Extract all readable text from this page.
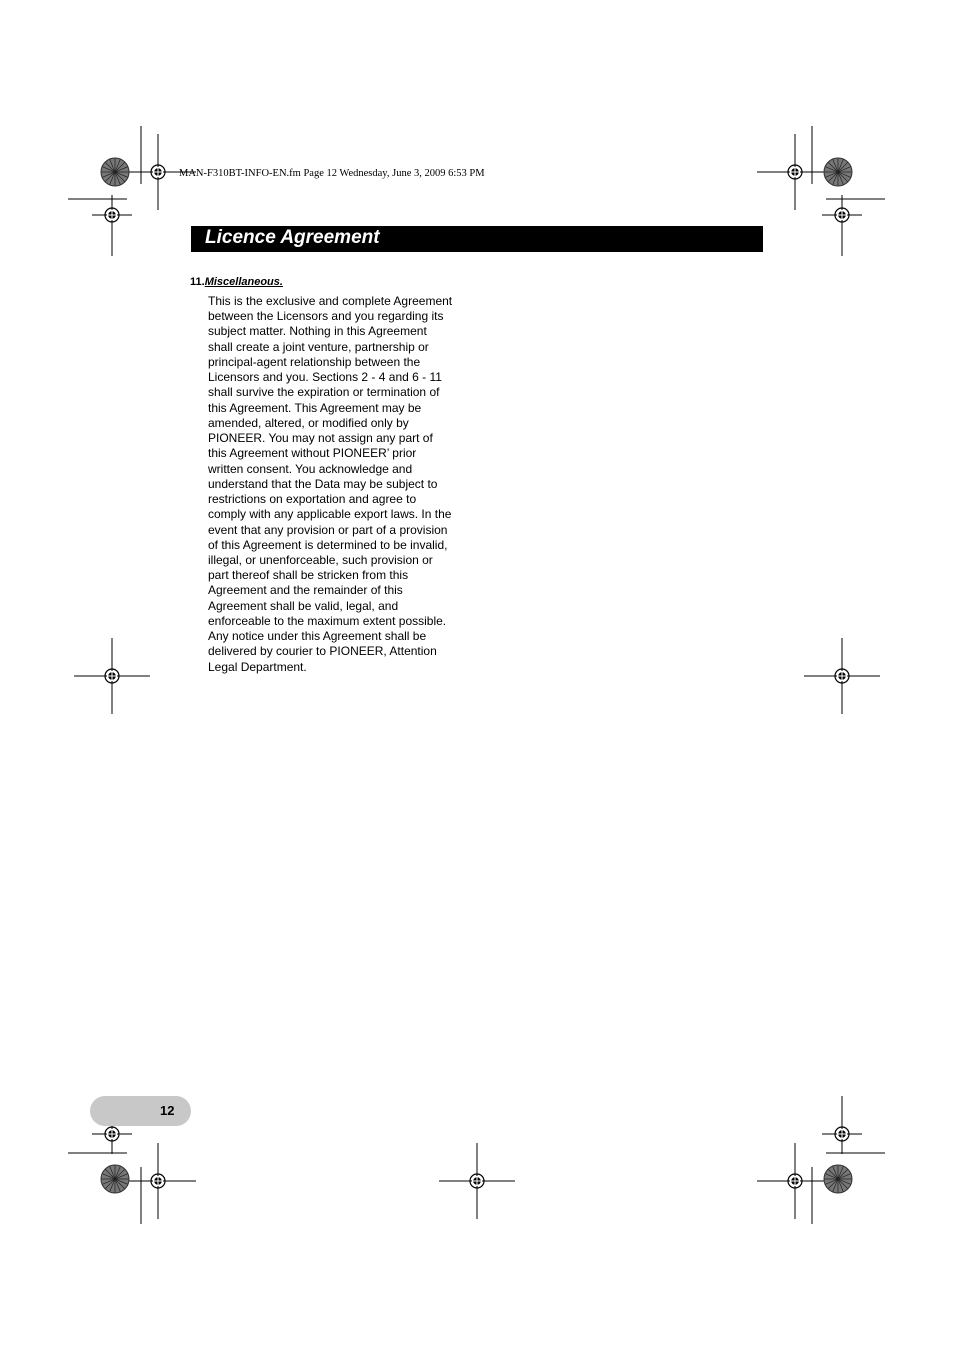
MAN-F310BT-INFO-EN.fm Page 12 Wednesday, June 3, 2009 6:53 PM
Licence Agreement
11.Miscellaneous.
This is the exclusive and complete Agreement
between the Licensors and you regarding its
subject matter. Nothing in this Agreement
shall create a joint venture, partnership or
principal-agent relationship between the
Licensors and you. Sections 2 - 4 and 6 - 11
shall survive the expiration or termination of
this Agreement. This Agreement may be
amended, altered, or modified only by
PIONEER. You may not assign any part of
this Agreement without PIONEER’ prior
written consent. You acknowledge and
understand that the Data may be subject to
restrictions on exportation and agree to
comply with any applicable export laws. In the
event that any provision or part of a provision
of this Agreement is determined to be invalid,
illegal, or unenforceable, such provision or
part thereof shall be stricken from this
Agreement and the remainder of this
Agreement shall be valid, legal, and
enforceable to the maximum extent possible.
Any notice under this Agreement shall be
delivered by courier to PIONEER, Attention
Legal Department.
12
